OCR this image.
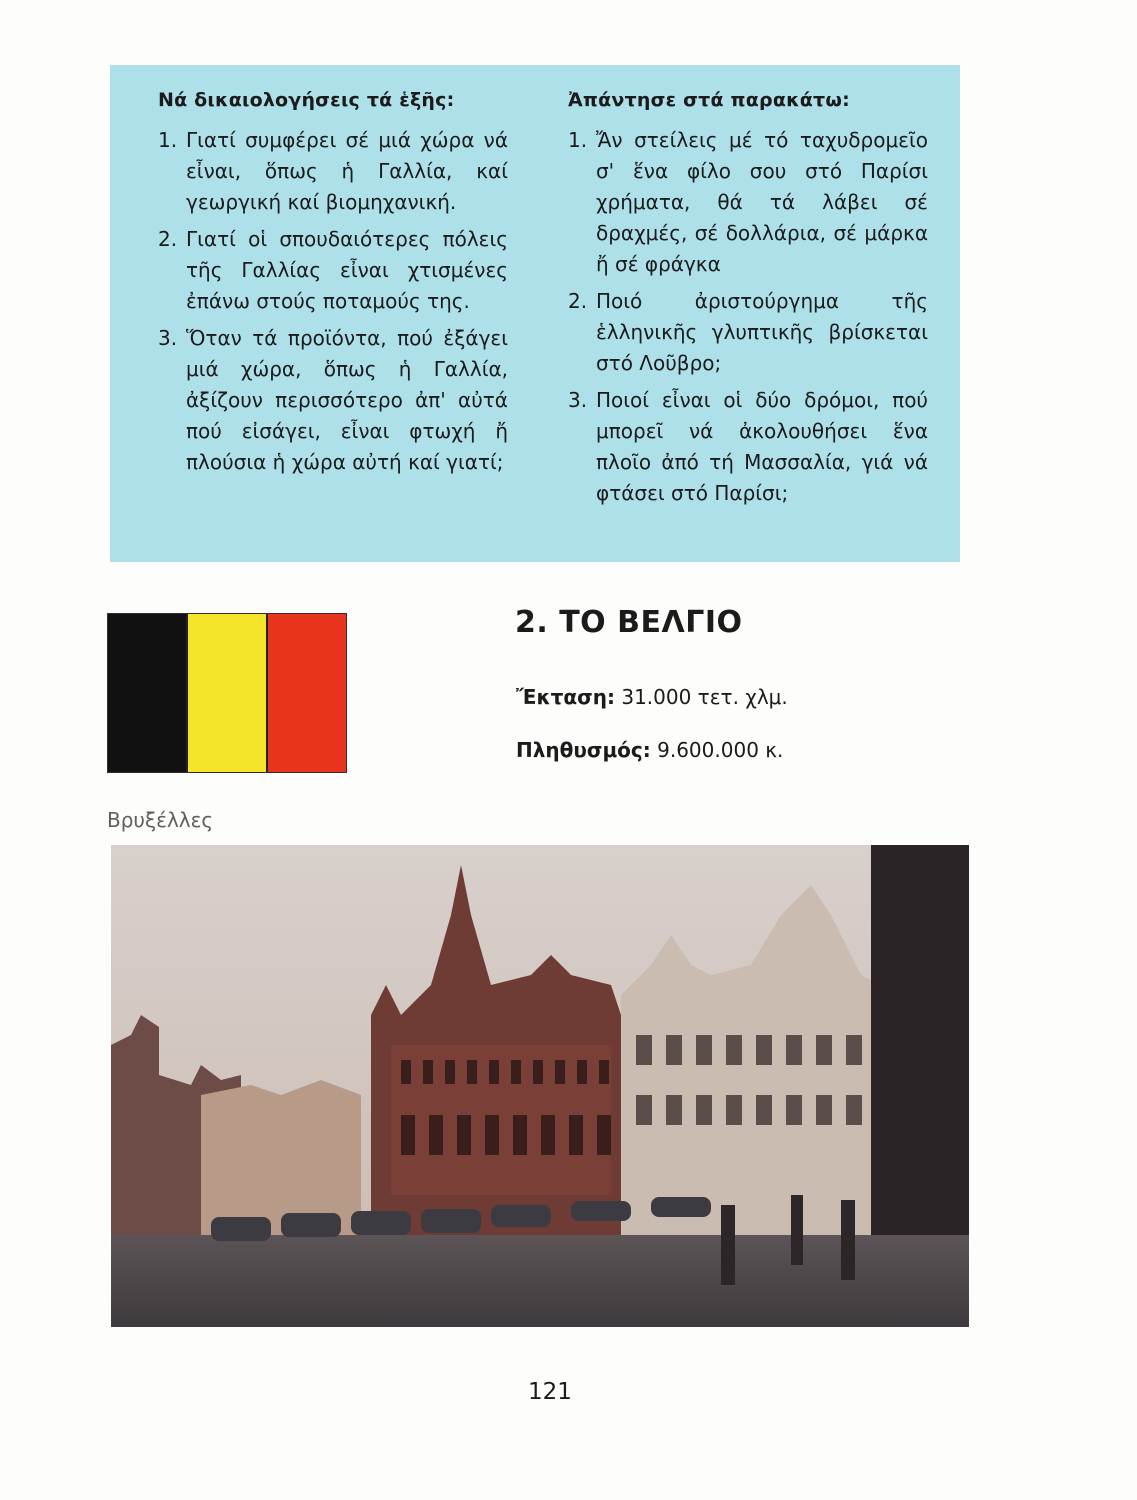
Νά δικαιολογήσεις τά ἑξῆς:

1. Γιατί συμφέρει σέ μιά χώρα νά εἶναι, ὅπως ἡ Γαλλία, καί γεωργική καί βιομηχανική.
2. Γιατί οἱ σπουδαιότερες πόλεις τῆς Γαλλίας εἶναι χτισμένες ἐπάνω στούς ποταμούς της.
3. Ὅταν τά προϊόντα, πού ἐξάγει μιά χώρα, ὅπως ἡ Γαλλία, ἀξίζουν περισσότερο ἀπ' αὐτά πού εἰσάγει, εἶναι φτωχή ἤ πλούσια ἡ χώρα αὐτή καί γιατί;

Ἀπάντησε στά παρακάτω:

1. Ἄν στείλεις μέ τό ταχυδρομεῖο σ' ἕνα φίλο σου στό Παρίσι χρήματα, θά τά λάβει σέ δραχμές, σέ δολλάρια, σέ μάρκα ἤ σέ φράγκα
2. Ποιό ἀριστούργημα τῆς ἑλληνικῆς γλυπτικῆς βρίσκεται στό Λοῦβρο;
3. Ποιοί εἶναι οἱ δύο δρόμοι, πού μπορεῖ νά ἀκολουθήσει ἕνα πλοῖο ἀπό τή Μασσαλία, γιά νά φτάσει στό Παρίσι;
2. ΤΟ ΒΕΛΓΙΟ
Ἔκταση: 31.000 τετ. χλμ.
Πληθυσμός: 9.600.000 κ.
Βρυξέλλες
121
